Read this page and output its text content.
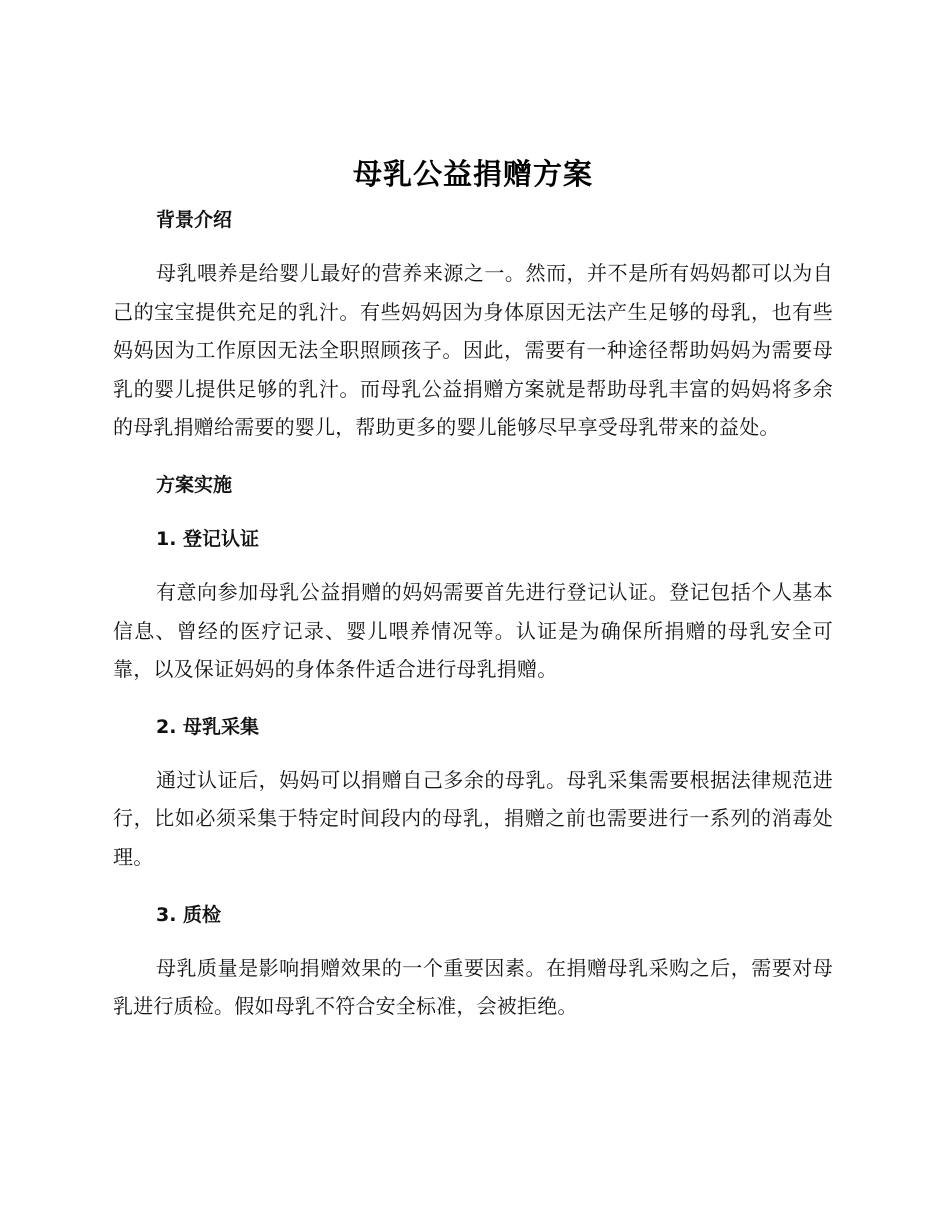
母乳公益捐赠方案
背景介绍

母乳喂养是给婴儿最好的营养来源之一。然而，并不是所有妈妈都可以为自己的宝宝提供充足的乳汁。有些妈妈因为身体原因无法产生足够的母乳，也有些妈妈因为工作原因无法全职照顾孩子。因此，需要有一种途径帮助妈妈为需要母乳的婴儿提供足够的乳汁。而母乳公益捐赠方案就是帮助母乳丰富的妈妈将多余的母乳捐赠给需要的婴儿，帮助更多的婴儿能够尽早享受母乳带来的益处。

方案实施
1. 登记认证

有意向参加母乳公益捐赠的妈妈需要首先进行登记认证。登记包括个人基本信息、曾经的医疗记录、婴儿喂养情况等。认证是为确保所捐赠的母乳安全可靠，以及保证妈妈的身体条件适合进行母乳捐赠。

2. 母乳采集

通过认证后，妈妈可以捐赠自己多余的母乳。母乳采集需要根据法律规范进行，比如必须采集于特定时间段内的母乳，捐赠之前也需要进行一系列的消毒处理。

3. 质检

母乳质量是影响捐赠效果的一个重要因素。在捐赠母乳采购之后，需要对母乳进行质检。假如母乳不符合安全标准，会被拒绝。
